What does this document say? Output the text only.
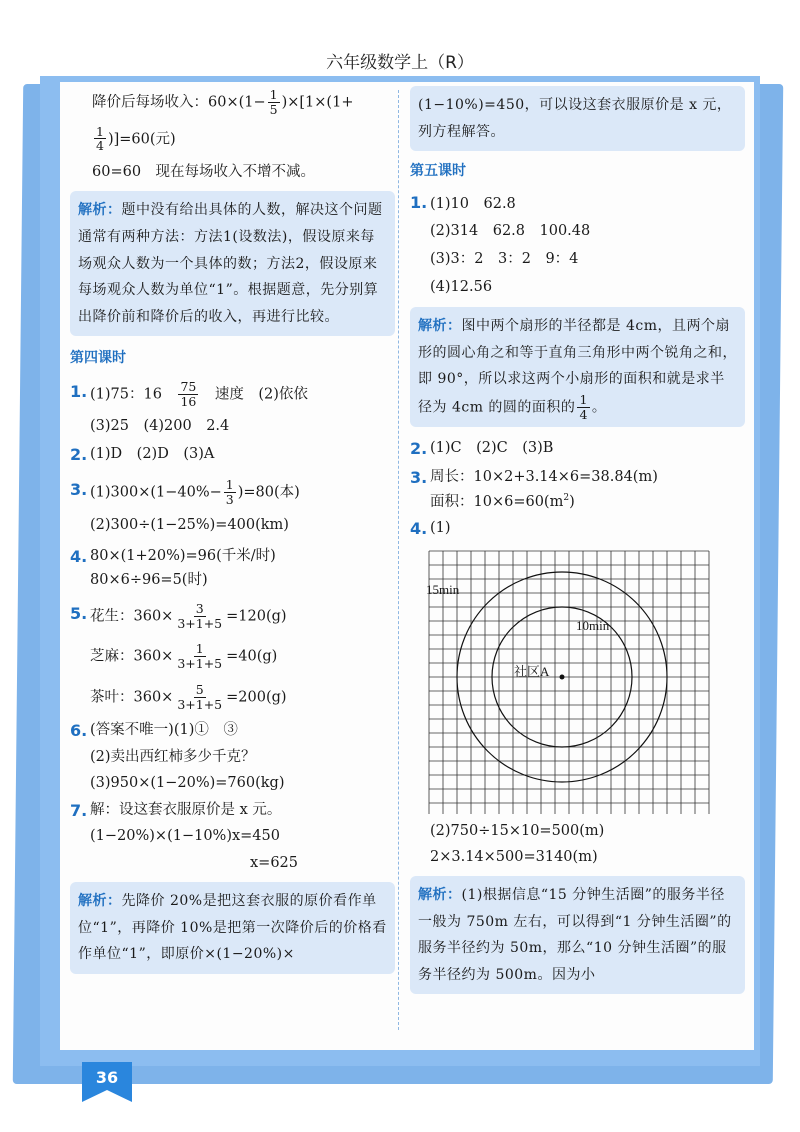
六年级数学上（R）
降价后每场收入：$60\times(1- \frac{1}{5} )\times[1\times(1+$
$\frac{1}{4} )]=60$(元)
60=60　现在每场收入不增不减。
解析：题中没有给出具体的人数，解决这个问题通常有两种方法：方法1(设数法)，假设原来每场观众人数为一个具体的数；方法2，假设原来每场观众人数为单位“1”。根据题意，先分别算出降价前和降价后的收入，再进行比较。
第四课时
1. (1)75：16　 $\frac{75}{16}$
　 速度　(2)依依
(3)25　(4)200　2.4
2. (1)D　(2)D　(3)A
3. $(1)300\times(1-40\%- \frac{1}{3} )=80$(本)
(2)300÷(1−25%)=400(km)
4. 80×(1+20%)=96(千米/时)
80×6÷96=5(时)
5. 花生：$360\times \frac{3}{3+1+5} =120(g)$
芝麻：$360\times \frac{1}{3+1+5} =40(g)$
茶叶：$360\times \frac{5}{3+1+5} =200(g)$
6. (答案不唯一)(1)①　③
(2)卖出西红柿多少千克？
(3)950×(1−20%)=760(kg)
7. 解：设这套衣服原价是 x 元。
(1−20%)×(1−10%)x=450
x=625
解析：先降价 20%是把这套衣服的原价看作单位“1”，再降价 10%是把第一次降价后的价格看作单位“1”，即原价×(1−20%)×
(1−10%)=450，可以设这套衣服原价是 x 元，列方程解答。
第五课时
1. (1)10　62.8
(2)314　62.8　100.48
(3)3：2　3：2　9：4
(4)12.56
解析：图中两个扇形的半径都是 4cm，且两个扇形的圆心角之和等于直角三角形中两个锐角之和，即 90°，所以求这两个小扇形的面积和就是求半径为 4cm 的圆的面积的 $\frac{1}{4}$ 。
2. (1)C　(2)C　(3)B
3. 周长：10×2+3.14×6=38.84(m)
面积：$10\times 6=60(m^2)$
4. (1)
15min
10min
社区A
(2)750÷15×10=500(m)
2×3.14×500=3140(m)
解析：(1)根据信息“15 分钟生活圈”的服务半径一般为 750m 左右，可以得到“1 分钟生活圈”的服务半径约为 50m，那么“10 分钟生活圈”的服务半径约为 500m。因为小
36
